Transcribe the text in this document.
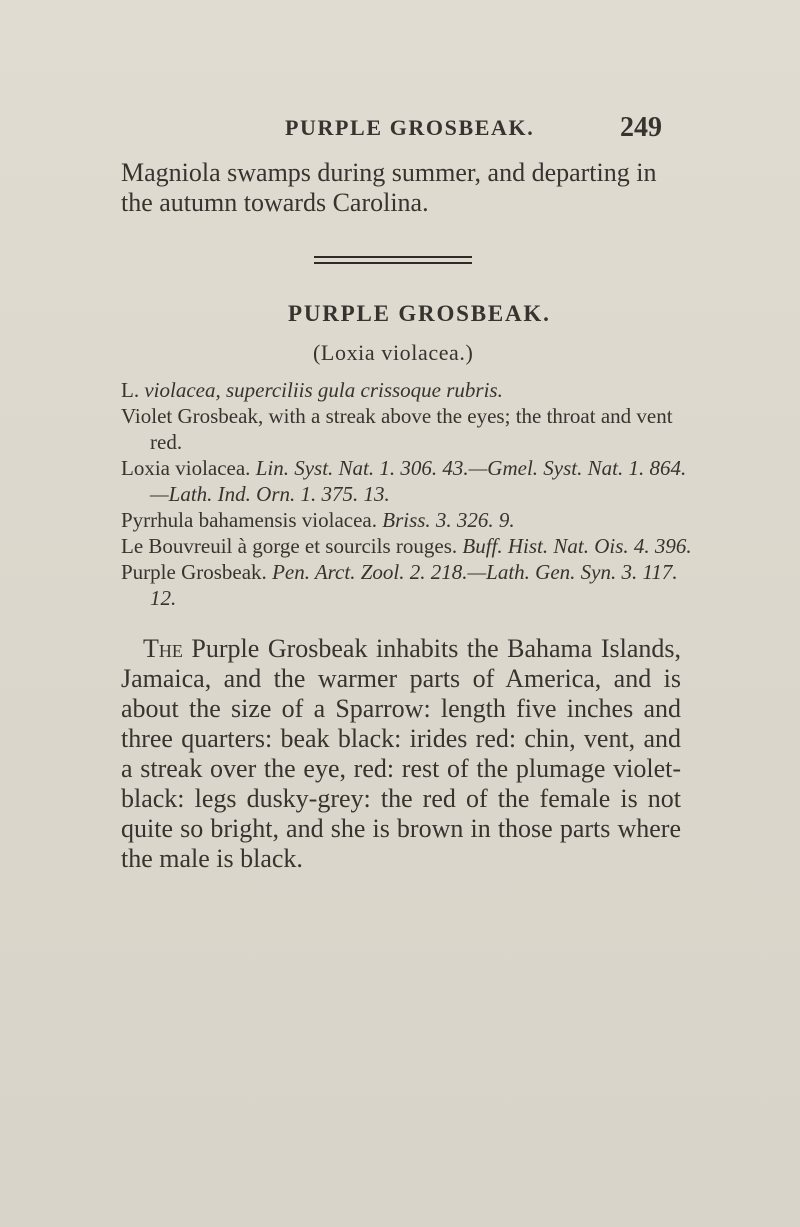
PURPLE GROSBEAK.	249

Magniola swamps during summer, and departing in the autumn towards Carolina.

PURPLE GROSBEAK.
(Loxia violacea.)

L. violacea, superciliis gula crissoque rubris.

Violet Grosbeak, with a streak above the eyes; the throat and vent red.

Loxia violacea. Lin. Syst. Nat. 1. 306. 43.—Gmel. Syst. Nat. 1. 864.—Lath. Ind. Orn. 1. 375. 13.

Pyrrhula bahamensis violacea. Briss. 3. 326. 9.

Le Bouvreuil à gorge et sourcils rouges. Buff. Hist. Nat. Ois. 4. 396.

Purple Grosbeak. Pen. Arct. Zool. 2. 218.—Lath. Gen. Syn. 3. 117. 12.

The Purple Grosbeak inhabits the Bahama Islands, Jamaica, and the warmer parts of America, and is about the size of a Sparrow: length five inches and three quarters: beak black: irides red: chin, vent, and a streak over the eye, red: rest of the plumage violet-black: legs dusky-grey: the red of the female is not quite so bright, and she is brown in those parts where the male is black.
